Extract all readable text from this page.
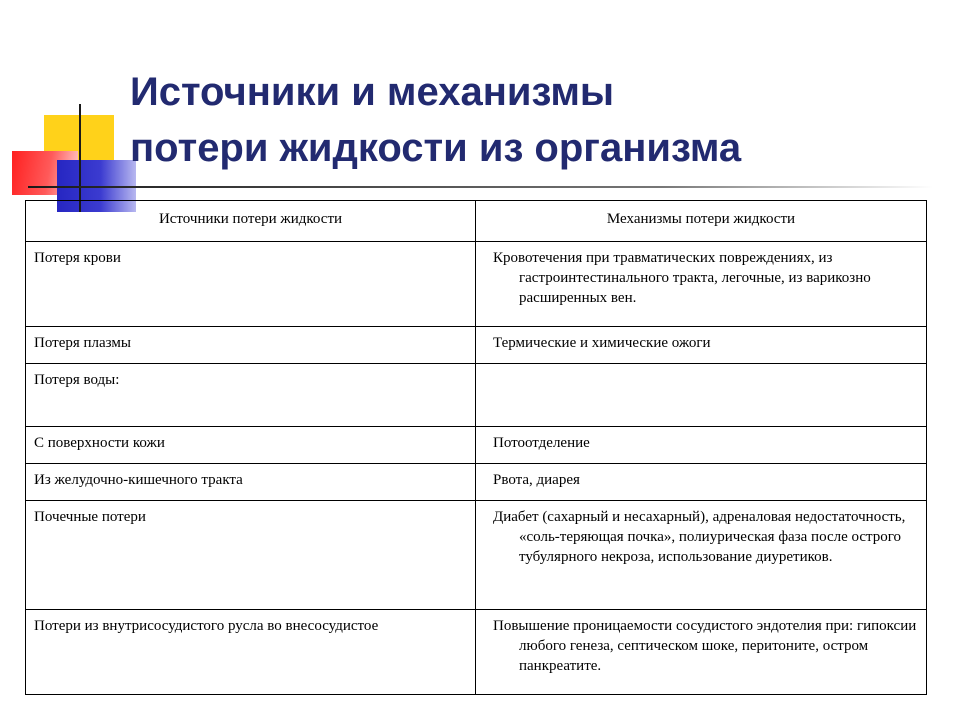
Источники и механизмы
потери жидкости из организма
Источники потери жидкости	Механизмы потери жидкости
Потеря крови	Кровотечения при травматических повреждениях, из гастроинтестинального тракта, легочные, из варикозно расширенных вен.

Потеря плазмы	Термические и химические ожоги

Потеря воды:	

С поверхности кожи	Потоотделение

Из желудочно-кишечного тракта	Рвота, диарея

Почечные потери	Диабет (сахарный и несахарный), адреналовая недостаточность, «соль-теряющая почка», полиурическая фаза после острого тубулярного некроза, использование диуретиков.

Потери из внутрисосудистого русла во внесосудистое	Повышение проницаемости сосудистого эндотелия при: гипоксии любого генеза, септическом шоке, перитоните, остром панкреатите.
